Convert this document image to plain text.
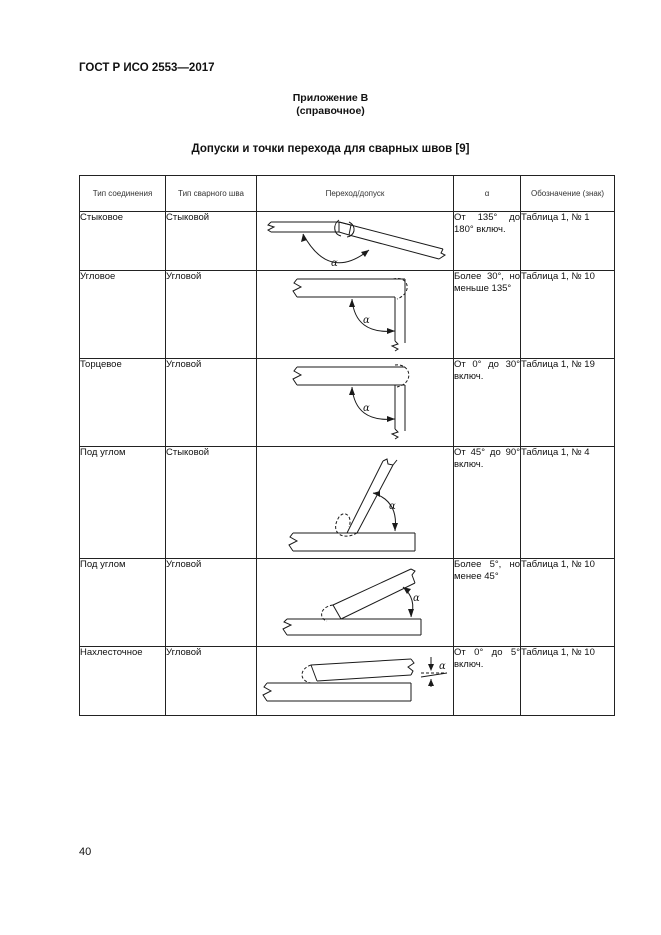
ГОСТ Р ИСО 2553—2017
Приложение В
(справочное)
Допуски и точки перехода для сварных швов [9]
Тип соединения	Тип сварного шва	Переход/допуск	α	Обозначение (знак)
Стыковое	Стыковой	α	От 135° до 180° включ.	Таблица 1, № 1
Угловое	Угловой	α	Более 30°, но меньше 135°	Таблица 1, № 10
Торцевое	Угловой	α	От 0° до 30° включ.	Таблица 1, № 19
Под углом	Стыковой	α	От 45° до 90° включ.	Таблица 1, № 4
Под углом	Угловой	α	Более 5°, но менее 45°	Таблица 1, № 10
Нахлесточное	Угловой	α	От 0° до 5° включ.	Таблица 1, № 10
40
